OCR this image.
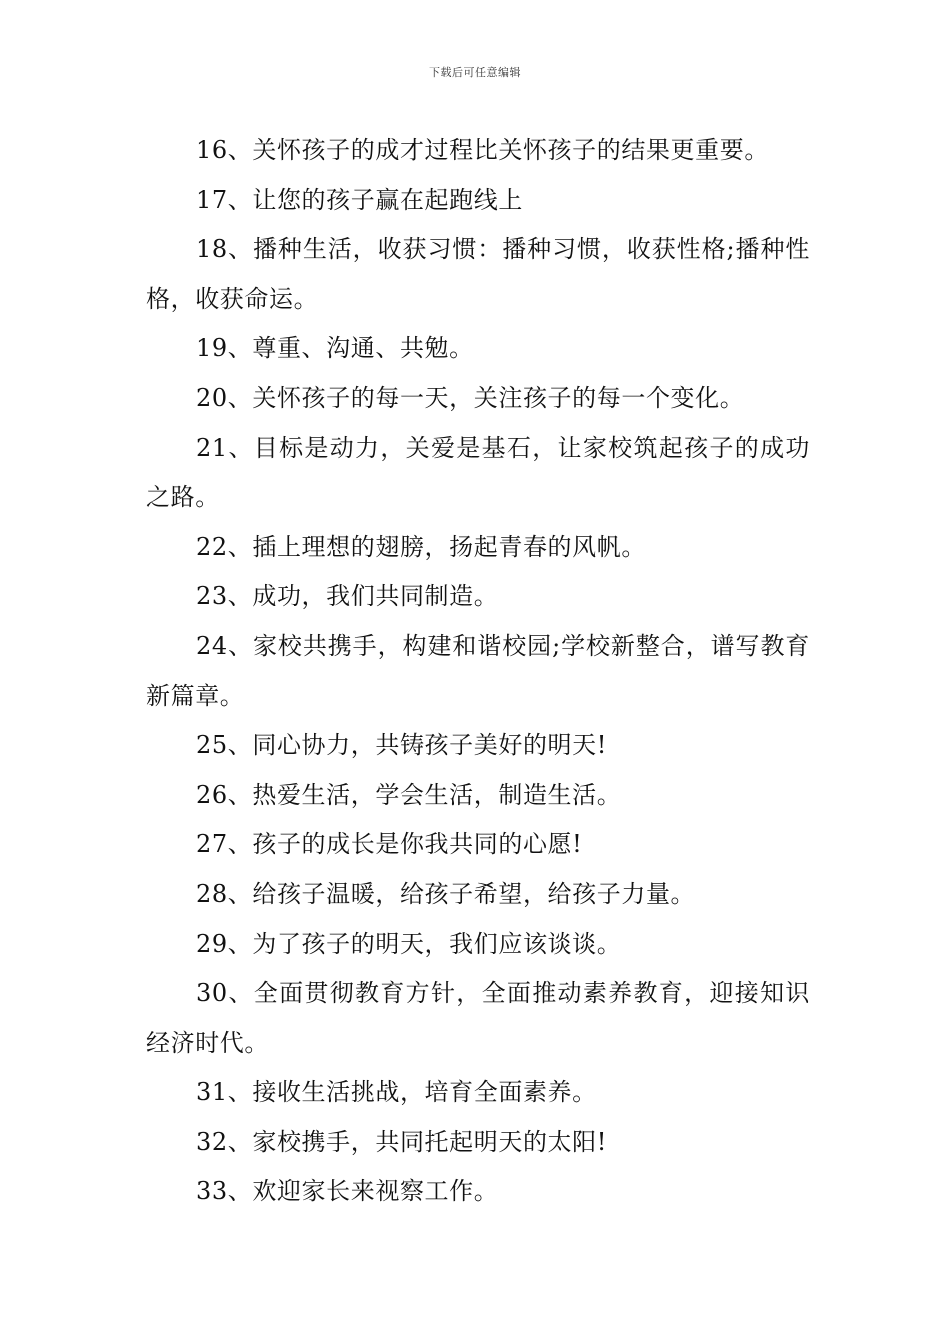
下载后可任意编辑

16、关怀孩子的成才过程比关怀孩子的结果更重要。

17、让您的孩子赢在起跑线上

18、播种生活，收获习惯：播种习惯，收获性格;播种性格，收获命运。

19、尊重、沟通、共勉。

20、关怀孩子的每一天，关注孩子的每一个变化。

21、目标是动力，关爱是基石，让家校筑起孩子的成功之路。

22、插上理想的翅膀，扬起青春的风帆。

23、成功，我们共同制造。

24、家校共携手，构建和谐校园;学校新整合，谱写教育新篇章。

25、同心协力，共铸孩子美好的明天!

26、热爱生活，学会生活，制造生活。

27、孩子的成长是你我共同的心愿!

28、给孩子温暖，给孩子希望，给孩子力量。

29、为了孩子的明天，我们应该谈谈。

30、全面贯彻教育方针，全面推动素养教育，迎接知识经济时代。

31、接收生活挑战，培育全面素养。

32、家校携手，共同托起明天的太阳!

33、欢迎家长来视察工作。
